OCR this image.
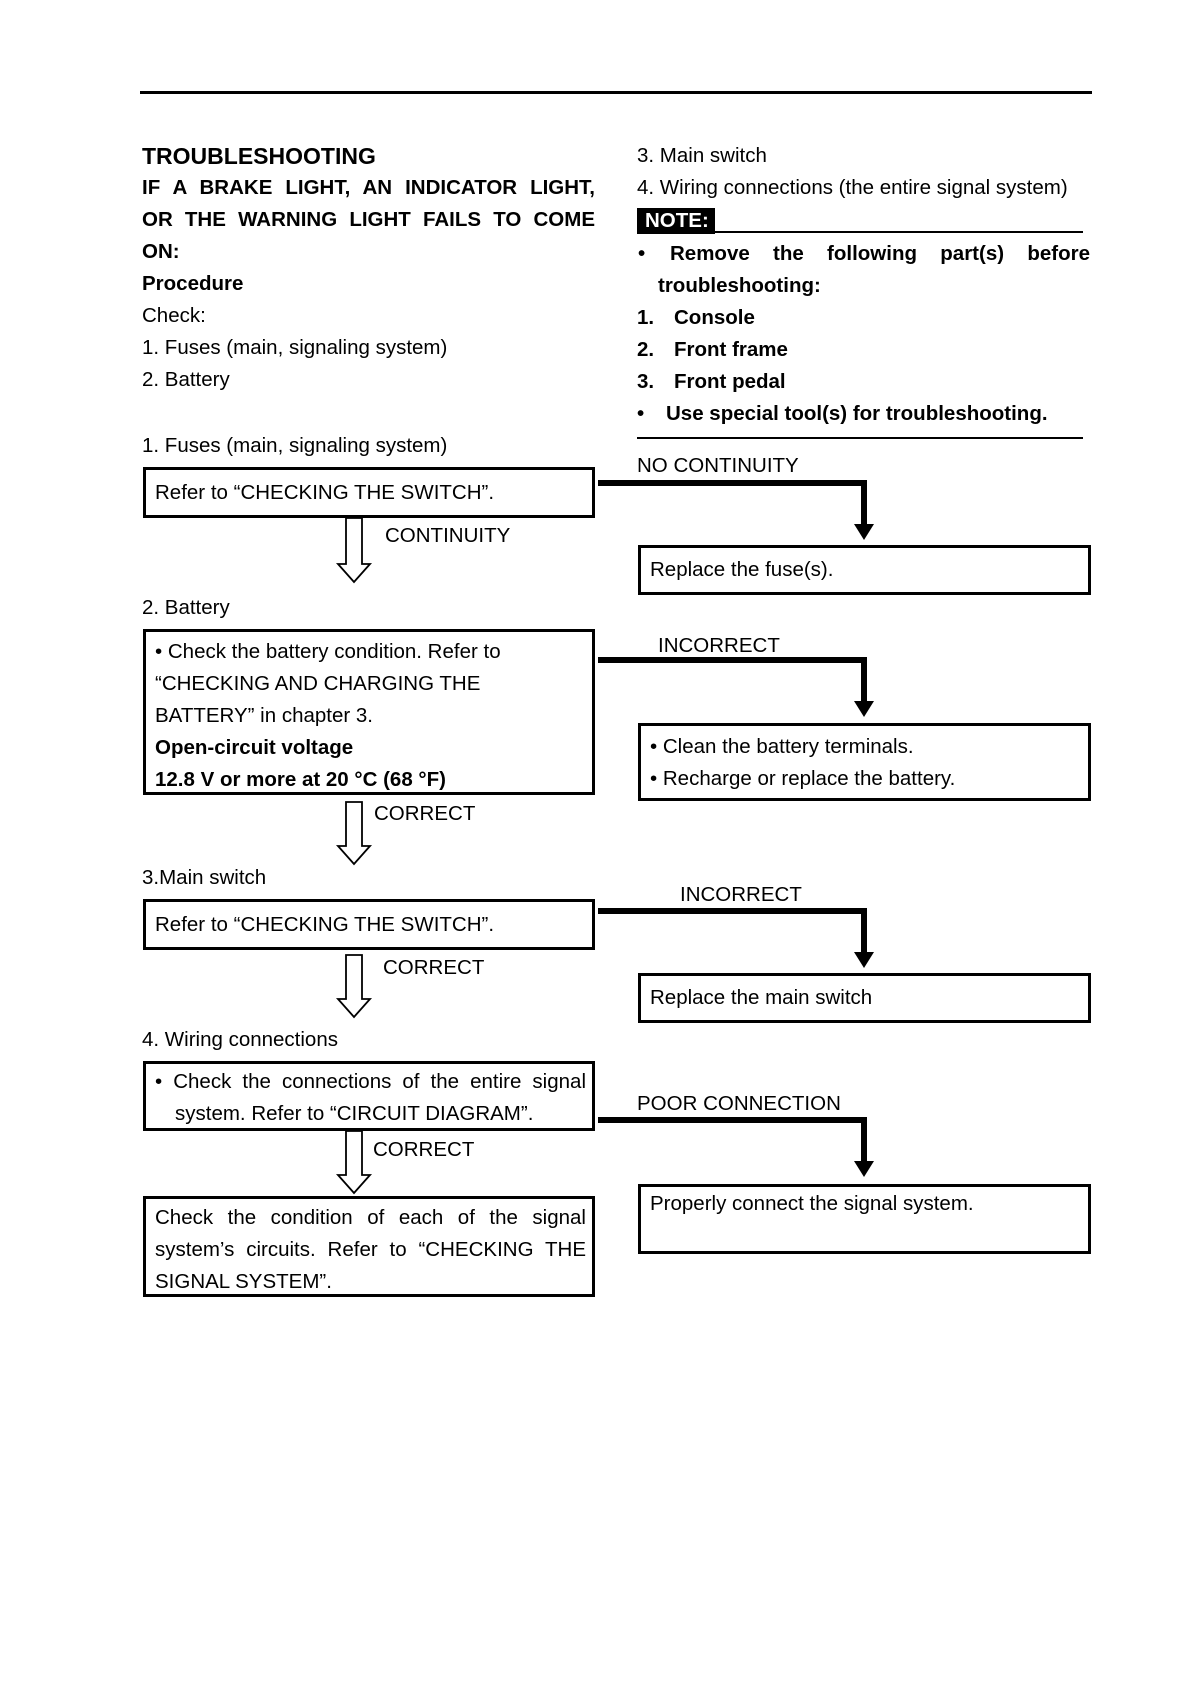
TROUBLESHOOTING
IF A BRAKE LIGHT, AN INDICATOR LIGHT,
OR THE WARNING LIGHT FAILS TO COME
ON:
Procedure
Check:
1. Fuses (main, signaling system)
2. Battery
3. Main switch
4. Wiring connections (the entire signal system)
NOTE:
• Remove the following part(s) before
troubleshooting:
1. Console
2. Front frame
3. Front pedal
• Use special tool(s) for troubleshooting.
1. Fuses (main, signaling system)
Refer to “CHECKING THE SWITCH”.
CONTINUITY
NO CONTINUITY
Replace the fuse(s).
2. Battery
• Check the battery condition. Refer to
“CHECKING AND CHARGING THE
BATTERY” in chapter 3.
Open-circuit voltage
12.8 V or more at 20 °C (68 °F)
CORRECT
INCORRECT
• Clean the battery terminals.
• Recharge or replace the battery.
3.Main switch
Refer to “CHECKING THE SWITCH”.
CORRECT
INCORRECT
Replace the main switch
4. Wiring connections
• Check the connections of the entire signal
system. Refer to “CIRCUIT DIAGRAM”.
CORRECT
POOR CONNECTION
Properly connect the signal system.
Check the condition of each of the signal
system’s circuits. Refer to “CHECKING THE
SIGNAL SYSTEM”.
